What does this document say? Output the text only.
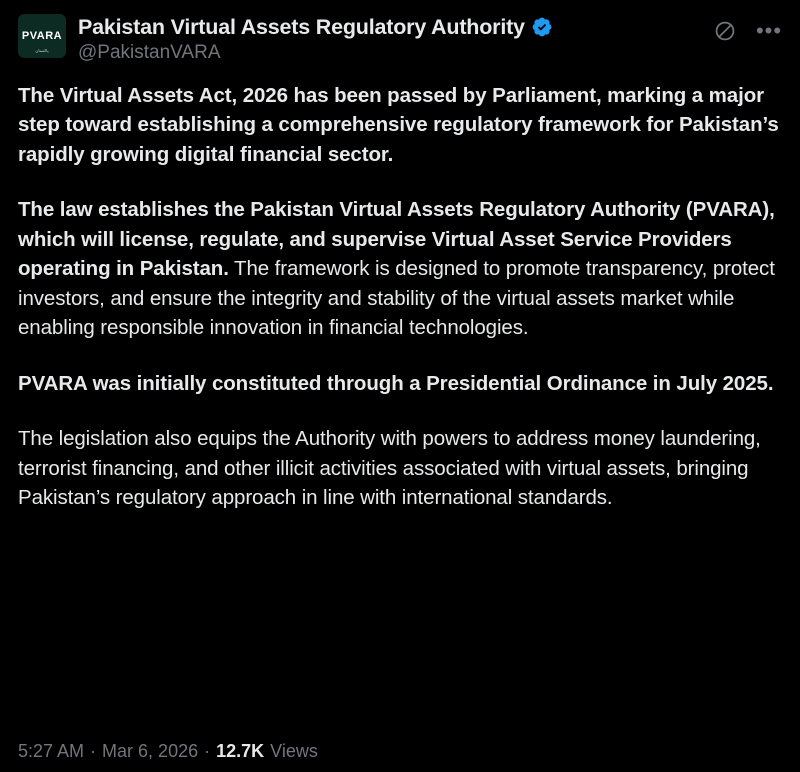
PVARA
پاکستان
Pakistan Virtual Assets Regulatory Authority
@PakistanVARA
•••

The Virtual Assets Act, 2026 has been passed by Parliament, marking a major step toward establishing a comprehensive regulatory framework for Pakistan’s rapidly growing digital financial sector.

The law establishes the Pakistan Virtual Assets Regulatory Authority (PVARA), which will license, regulate, and supervise Virtual Asset Service Providers operating in Pakistan. The framework is designed to promote transparency, protect investors, and ensure the integrity and stability of the virtual assets market while enabling responsible innovation in financial technologies.

PVARA was initially constituted through a Presidential Ordinance in July 2025.

The legislation also equips the Authority with powers to address money laundering, terrorist financing, and other illicit activities associated with virtual assets, bringing Pakistan’s regulatory approach in line with international standards.

5:27 AM · Mar 6, 2026 · 12.7K Views
